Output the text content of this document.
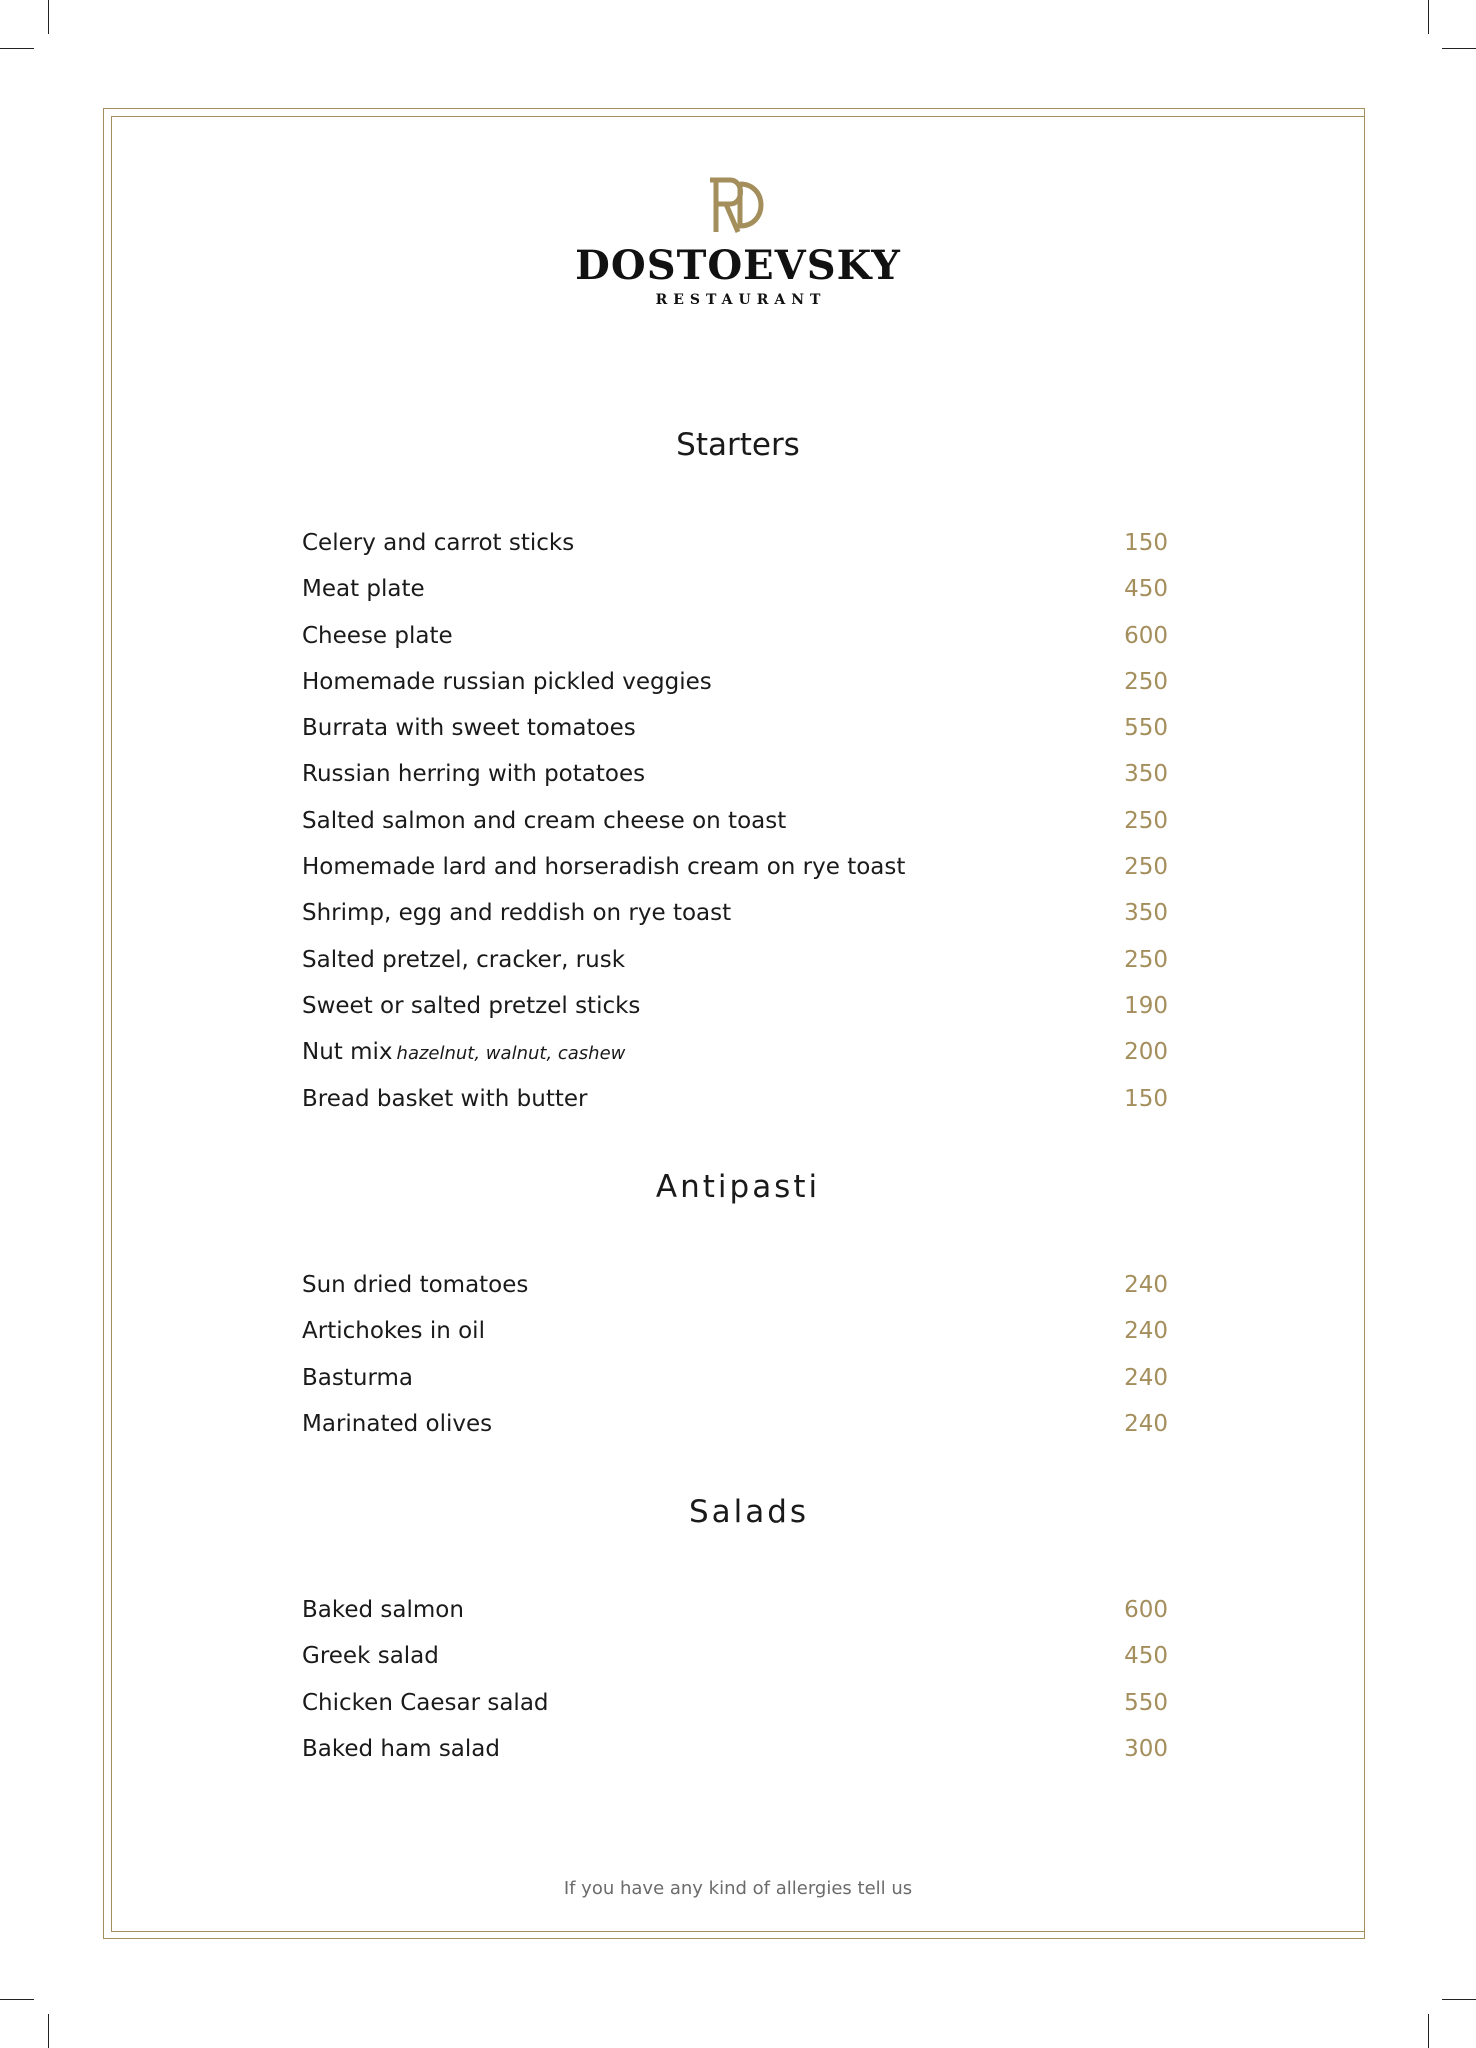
DOSTOEVSKY
RESTAURANT
Starters
Celery and carrot sticks	150
Meat plate	450
Cheese plate	600
Homemade russian pickled veggies	250
Burrata with sweet tomatoes	550
Russian herring with potatoes	350
Salted salmon and cream cheese on toast	250
Homemade lard and horseradish cream on rye toast	250
Shrimp, egg and reddish on rye toast	350
Salted pretzel, cracker, rusk	250
Sweet or salted pretzel sticks	190
Nut mix hazelnut, walnut, cashew	200
Bread basket with butter	150
Antipasti
Sun dried tomatoes	240
Artichokes in oil	240
Basturma	240
Marinated olives	240
Salads
Baked salmon	600
Greek salad	450
Chicken Caesar salad	550
Baked ham salad	300
If you have any kind of allergies tell us
